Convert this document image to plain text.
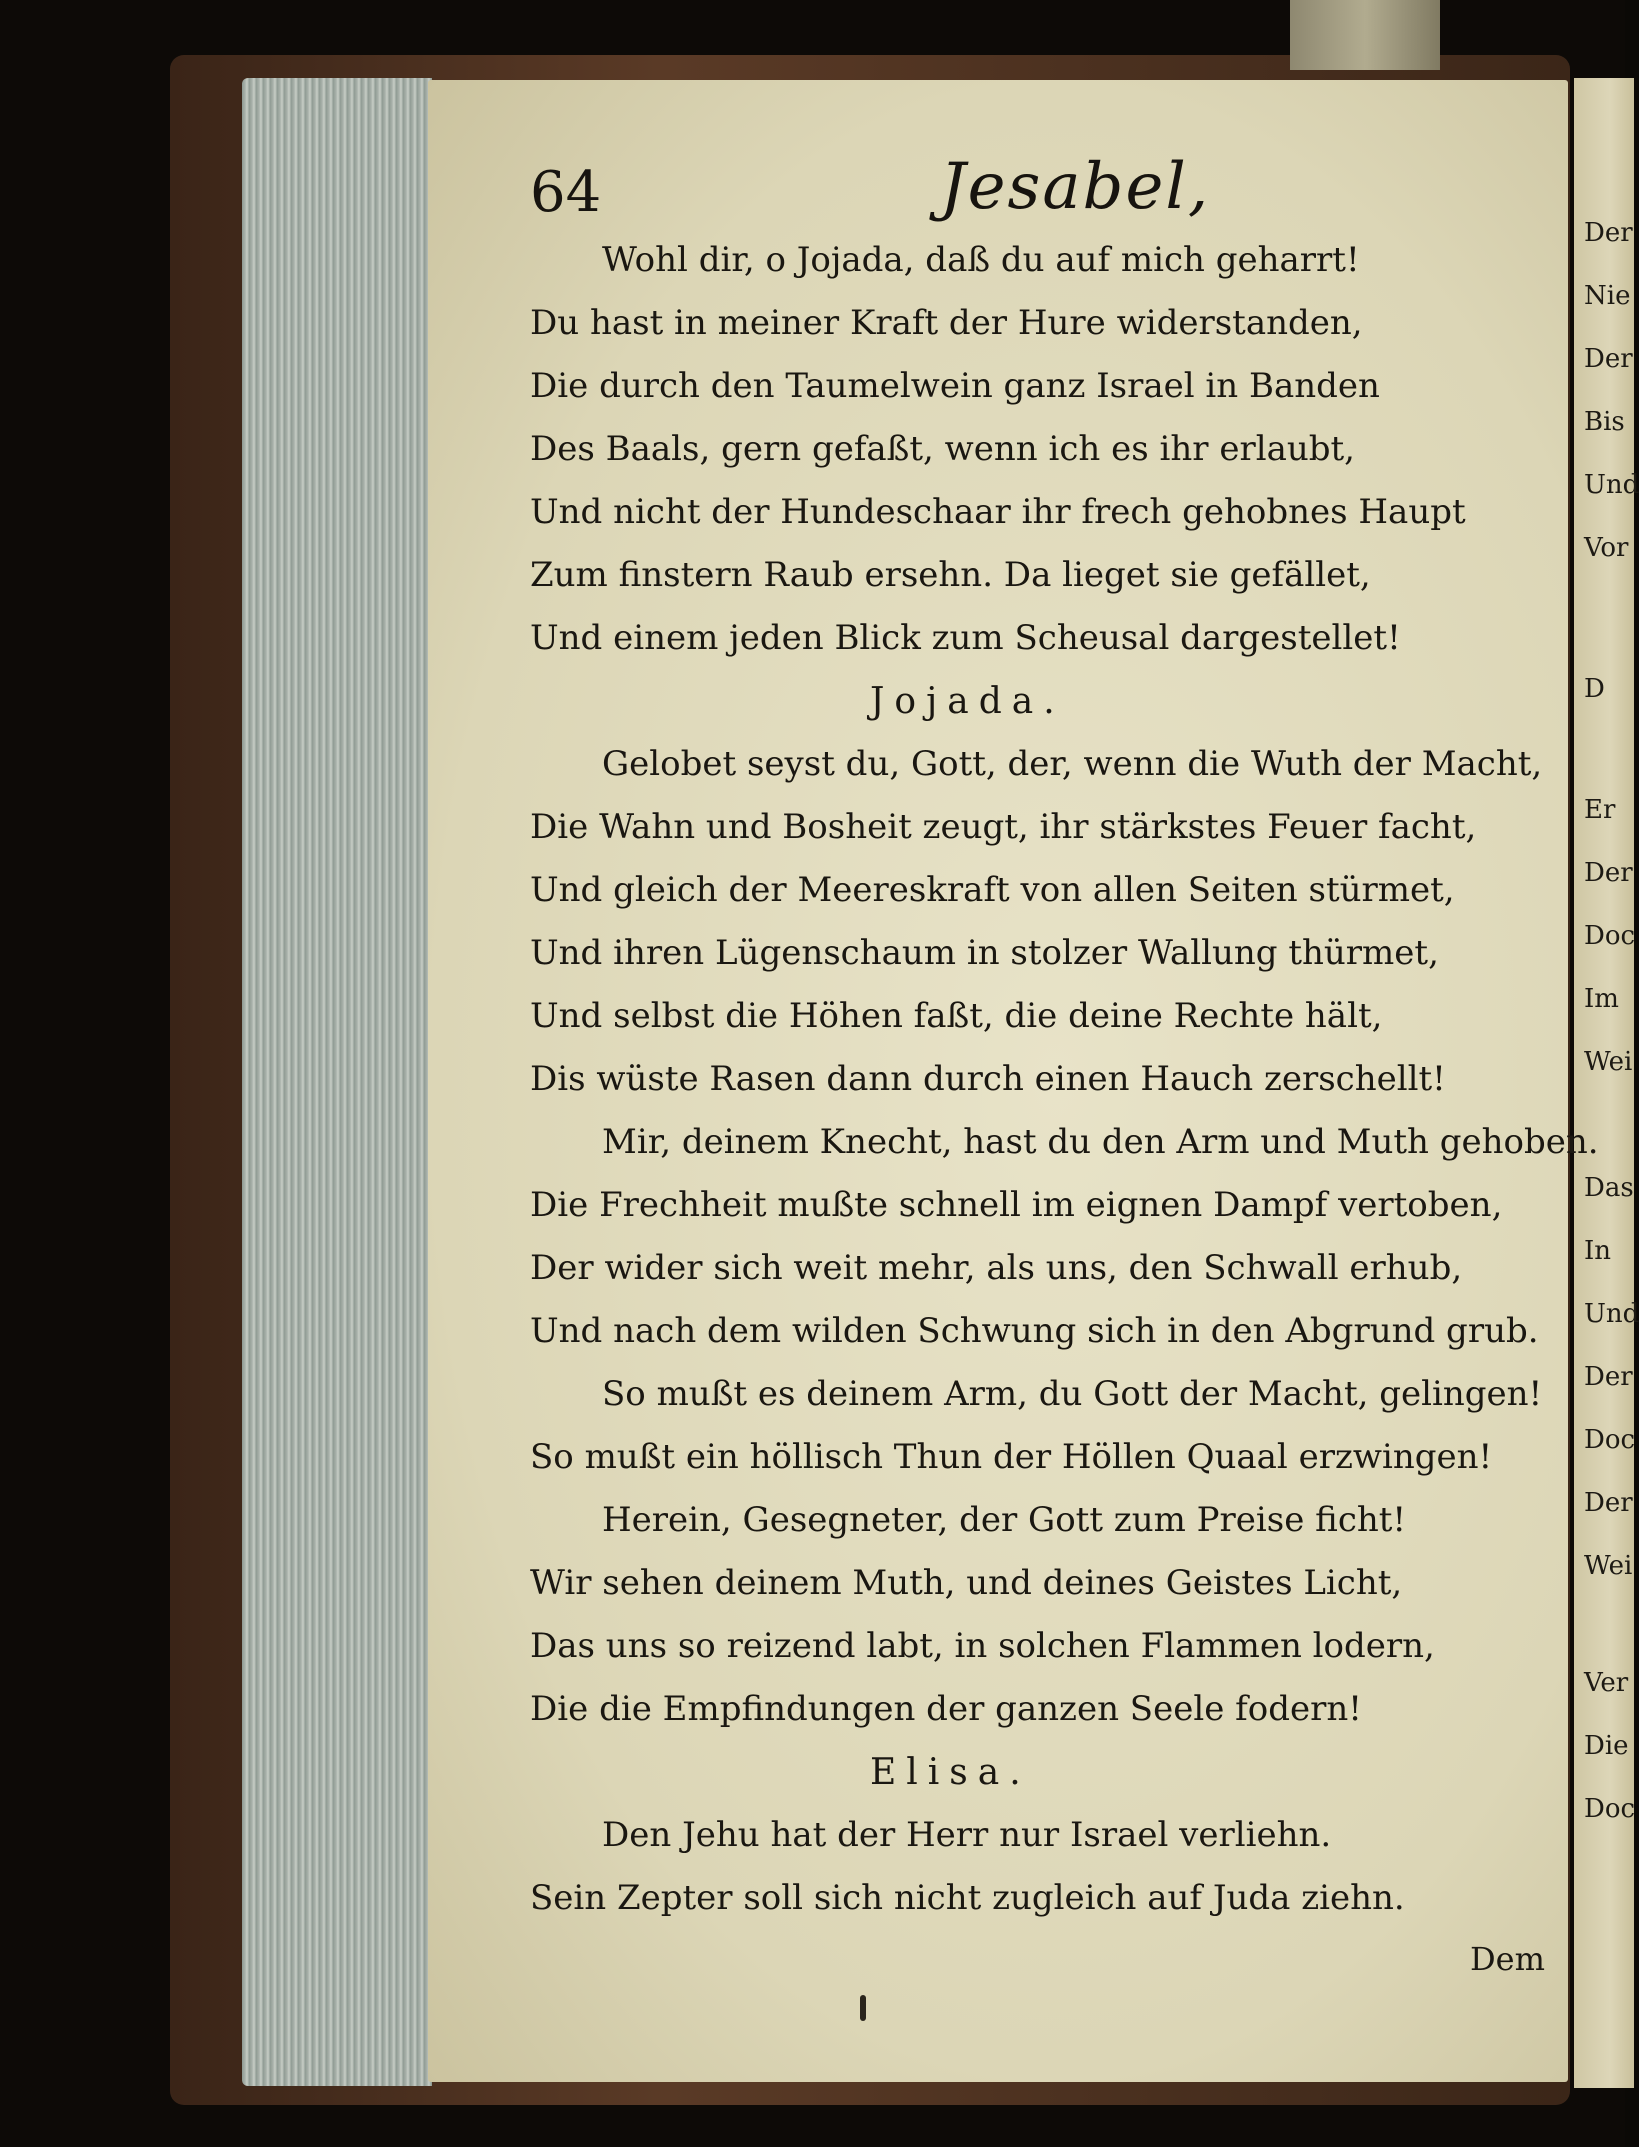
Der
Nie
Der
Bis
Und
Vor
D
Er
Der
Doc
Im
Wei
Das
In
Und
Der
Doc
Der
Wei
Ver
Die
Doc
64	Jesabel,
Wohl dir, o Jojada, daß du auf mich geharrt!
Du hast in meiner Kraft der Hure widerstanden,
Die durch den Taumelwein ganz Israel in Banden
Des Baals, gern gefaßt, wenn ich es ihr erlaubt,
Und nicht der Hundeschaar ihr frech gehobnes Haupt
Zum finstern Raub ersehn. Da lieget sie gefället,
Und einem jeden Blick zum Scheusal dargestellet!
Jojada.
Gelobet seyst du, Gott, der, wenn die Wuth der Macht,
Die Wahn und Bosheit zeugt, ihr stärkstes Feuer facht,
Und gleich der Meereskraft von allen Seiten stürmet,
Und ihren Lügenschaum in stolzer Wallung thürmet,
Und selbst die Höhen faßt, die deine Rechte hält,
Dis wüste Rasen dann durch einen Hauch zerschellt!
Mir, deinem Knecht, hast du den Arm und Muth gehoben.
Die Frechheit mußte schnell im eignen Dampf vertoben,
Der wider sich weit mehr, als uns, den Schwall erhub,
Und nach dem wilden Schwung sich in den Abgrund grub.
So mußt es deinem Arm, du Gott der Macht, gelingen!
So mußt ein höllisch Thun der Höllen Quaal erzwingen!
Herein, Gesegneter, der Gott zum Preise ficht!
Wir sehen deinem Muth, und deines Geistes Licht,
Das uns so reizend labt, in solchen Flammen lodern,
Die die Empfindungen der ganzen Seele fodern!
Elisa.
Den Jehu hat der Herr nur Israel verliehn.
Sein Zepter soll sich nicht zugleich auf Juda ziehn.
Dem
